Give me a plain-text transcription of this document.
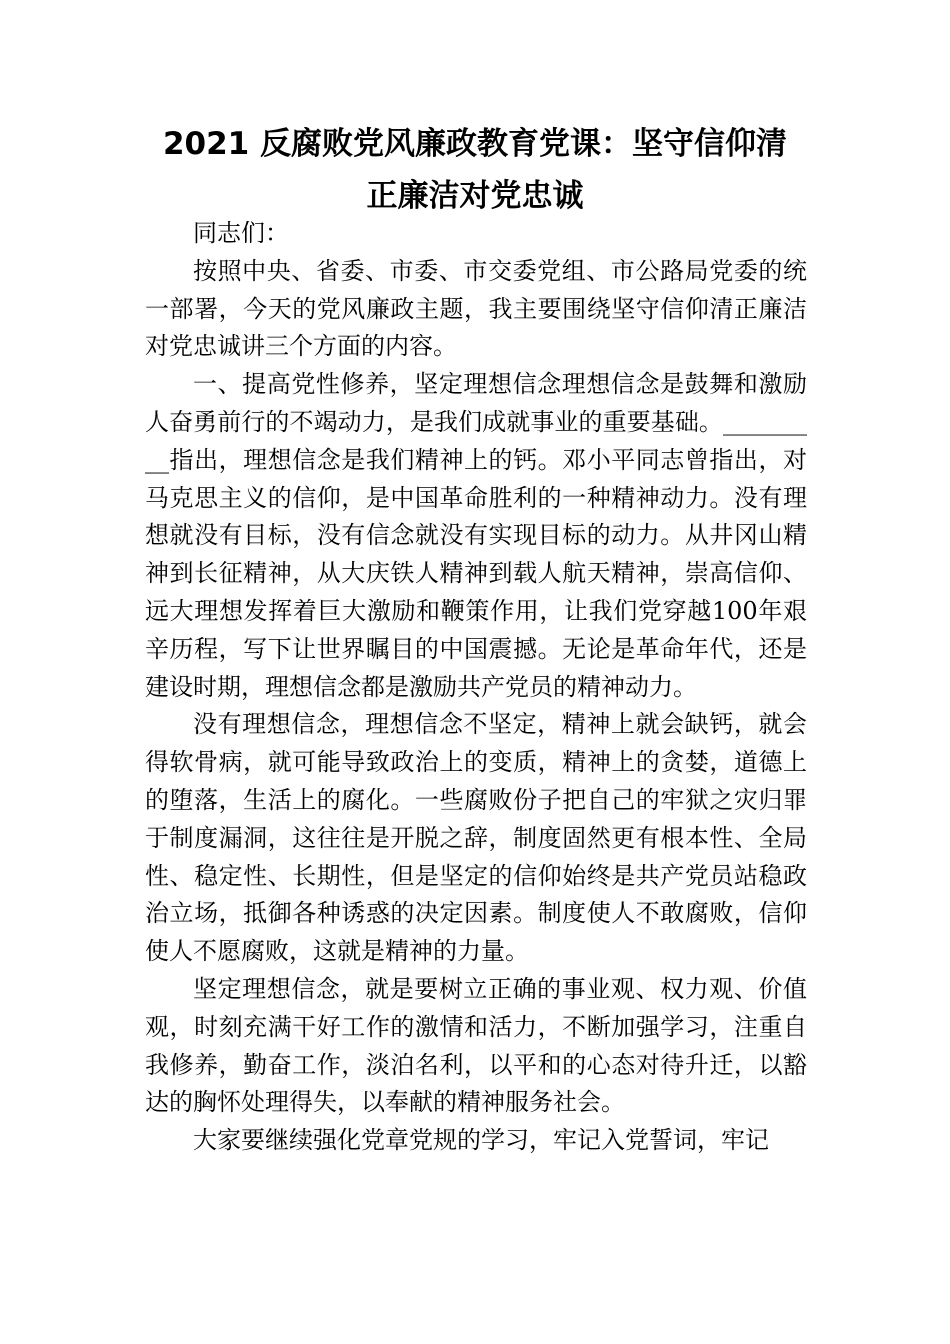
2021 反腐败党风廉政教育党课：坚守信仰清
正廉洁对党忠诚

同志们：

按照中央、省委、市委、市交委党组、市公路局党委的统一部署，今天的党风廉政主题，我主要围绕坚守信仰清正廉洁对党忠诚讲三个方面的内容。

一、提高党性修养，坚定理想信念理想信念是鼓舞和激励人奋勇前行的不竭动力，是我们成就事业的重要基础。_________指出，理想信念是我们精神上的钙。邓小平同志曾指出，对马克思主义的信仰，是中国革命胜利的一种精神动力。没有理想就没有目标，没有信念就没有实现目标的动力。从井冈山精神到长征精神，从大庆铁人精神到载人航天精神，崇高信仰、远大理想发挥着巨大激励和鞭策作用，让我们党穿越100年艰辛历程，写下让世界瞩目的中国震撼。无论是革命年代，还是建设时期，理想信念都是激励共产党员的精神动力。

没有理想信念，理想信念不坚定，精神上就会缺钙，就会得软骨病，就可能导致政治上的变质，精神上的贪婪，道德上的堕落，生活上的腐化。一些腐败份子把自己的牢狱之灾归罪于制度漏洞，这往往是开脱之辞，制度固然更有根本性、全局性、稳定性、长期性，但是坚定的信仰始终是共产党员站稳政治立场，抵御各种诱惑的决定因素。制度使人不敢腐败，信仰使人不愿腐败，这就是精神的力量。

坚定理想信念，就是要树立正确的事业观、权力观、价值观，时刻充满干好工作的激情和活力，不断加强学习，注重自我修养，勤奋工作，淡泊名利，以平和的心态对待升迁，以豁达的胸怀处理得失，以奉献的精神服务社会。

大家要继续强化党章党规的学习，牢记入党誓词，牢记
